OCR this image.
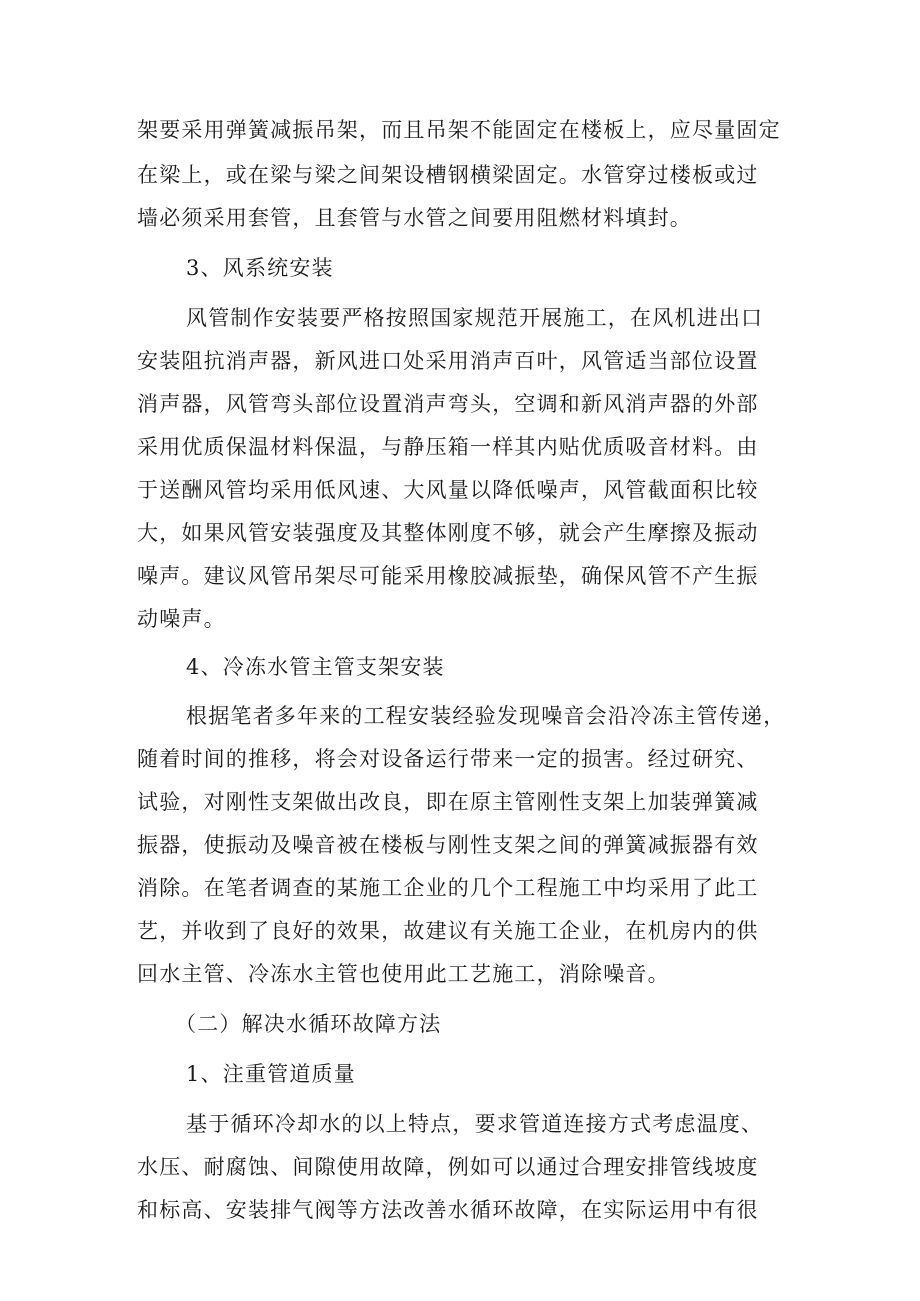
架要采用弹簧减振吊架，而且吊架不能固定在楼板上，应尽量固定
在梁上，或在梁与梁之间架设槽钢横梁固定。水管穿过楼板或过
墙必须采用套管，且套管与水管之间要用阻燃材料填封。
3、风系统安装
风管制作安装要严格按照国家规范开展施工，在风机进出口
安装阻抗消声器，新风进口处采用消声百叶，风管适当部位设置
消声器，风管弯头部位设置消声弯头，空调和新风消声器的外部
采用优质保温材料保温，与静压箱一样其内贴优质吸音材料。由
于送酬风管均采用低风速、大风量以降低噪声，风管截面积比较
大，如果风管安装强度及其整体刚度不够，就会产生摩擦及振动
噪声。建议风管吊架尽可能采用橡胶减振垫，确保风管不产生振
动噪声。
4、冷冻水管主管支架安装
根据笔者多年来的工程安装经验发现噪音会沿冷冻主管传递，
随着时间的推移，将会对设备运行带来一定的损害。经过研究、
试验，对刚性支架做出改良，即在原主管刚性支架上加装弹簧减
振器，使振动及噪音被在楼板与刚性支架之间的弹簧减振器有效
消除。在笔者调查的某施工企业的几个工程施工中均采用了此工
艺，并收到了良好的效果，故建议有关施工企业，在机房内的供
回水主管、冷冻水主管也使用此工艺施工，消除噪音。
（二）解决水循环故障方法
1、注重管道质量
基于循环冷却水的以上特点，要求管道连接方式考虑温度、
水压、耐腐蚀、间隙使用故障，例如可以通过合理安排管线坡度
和标高、安装排气阀等方法改善水循环故障，在实际运用中有很
